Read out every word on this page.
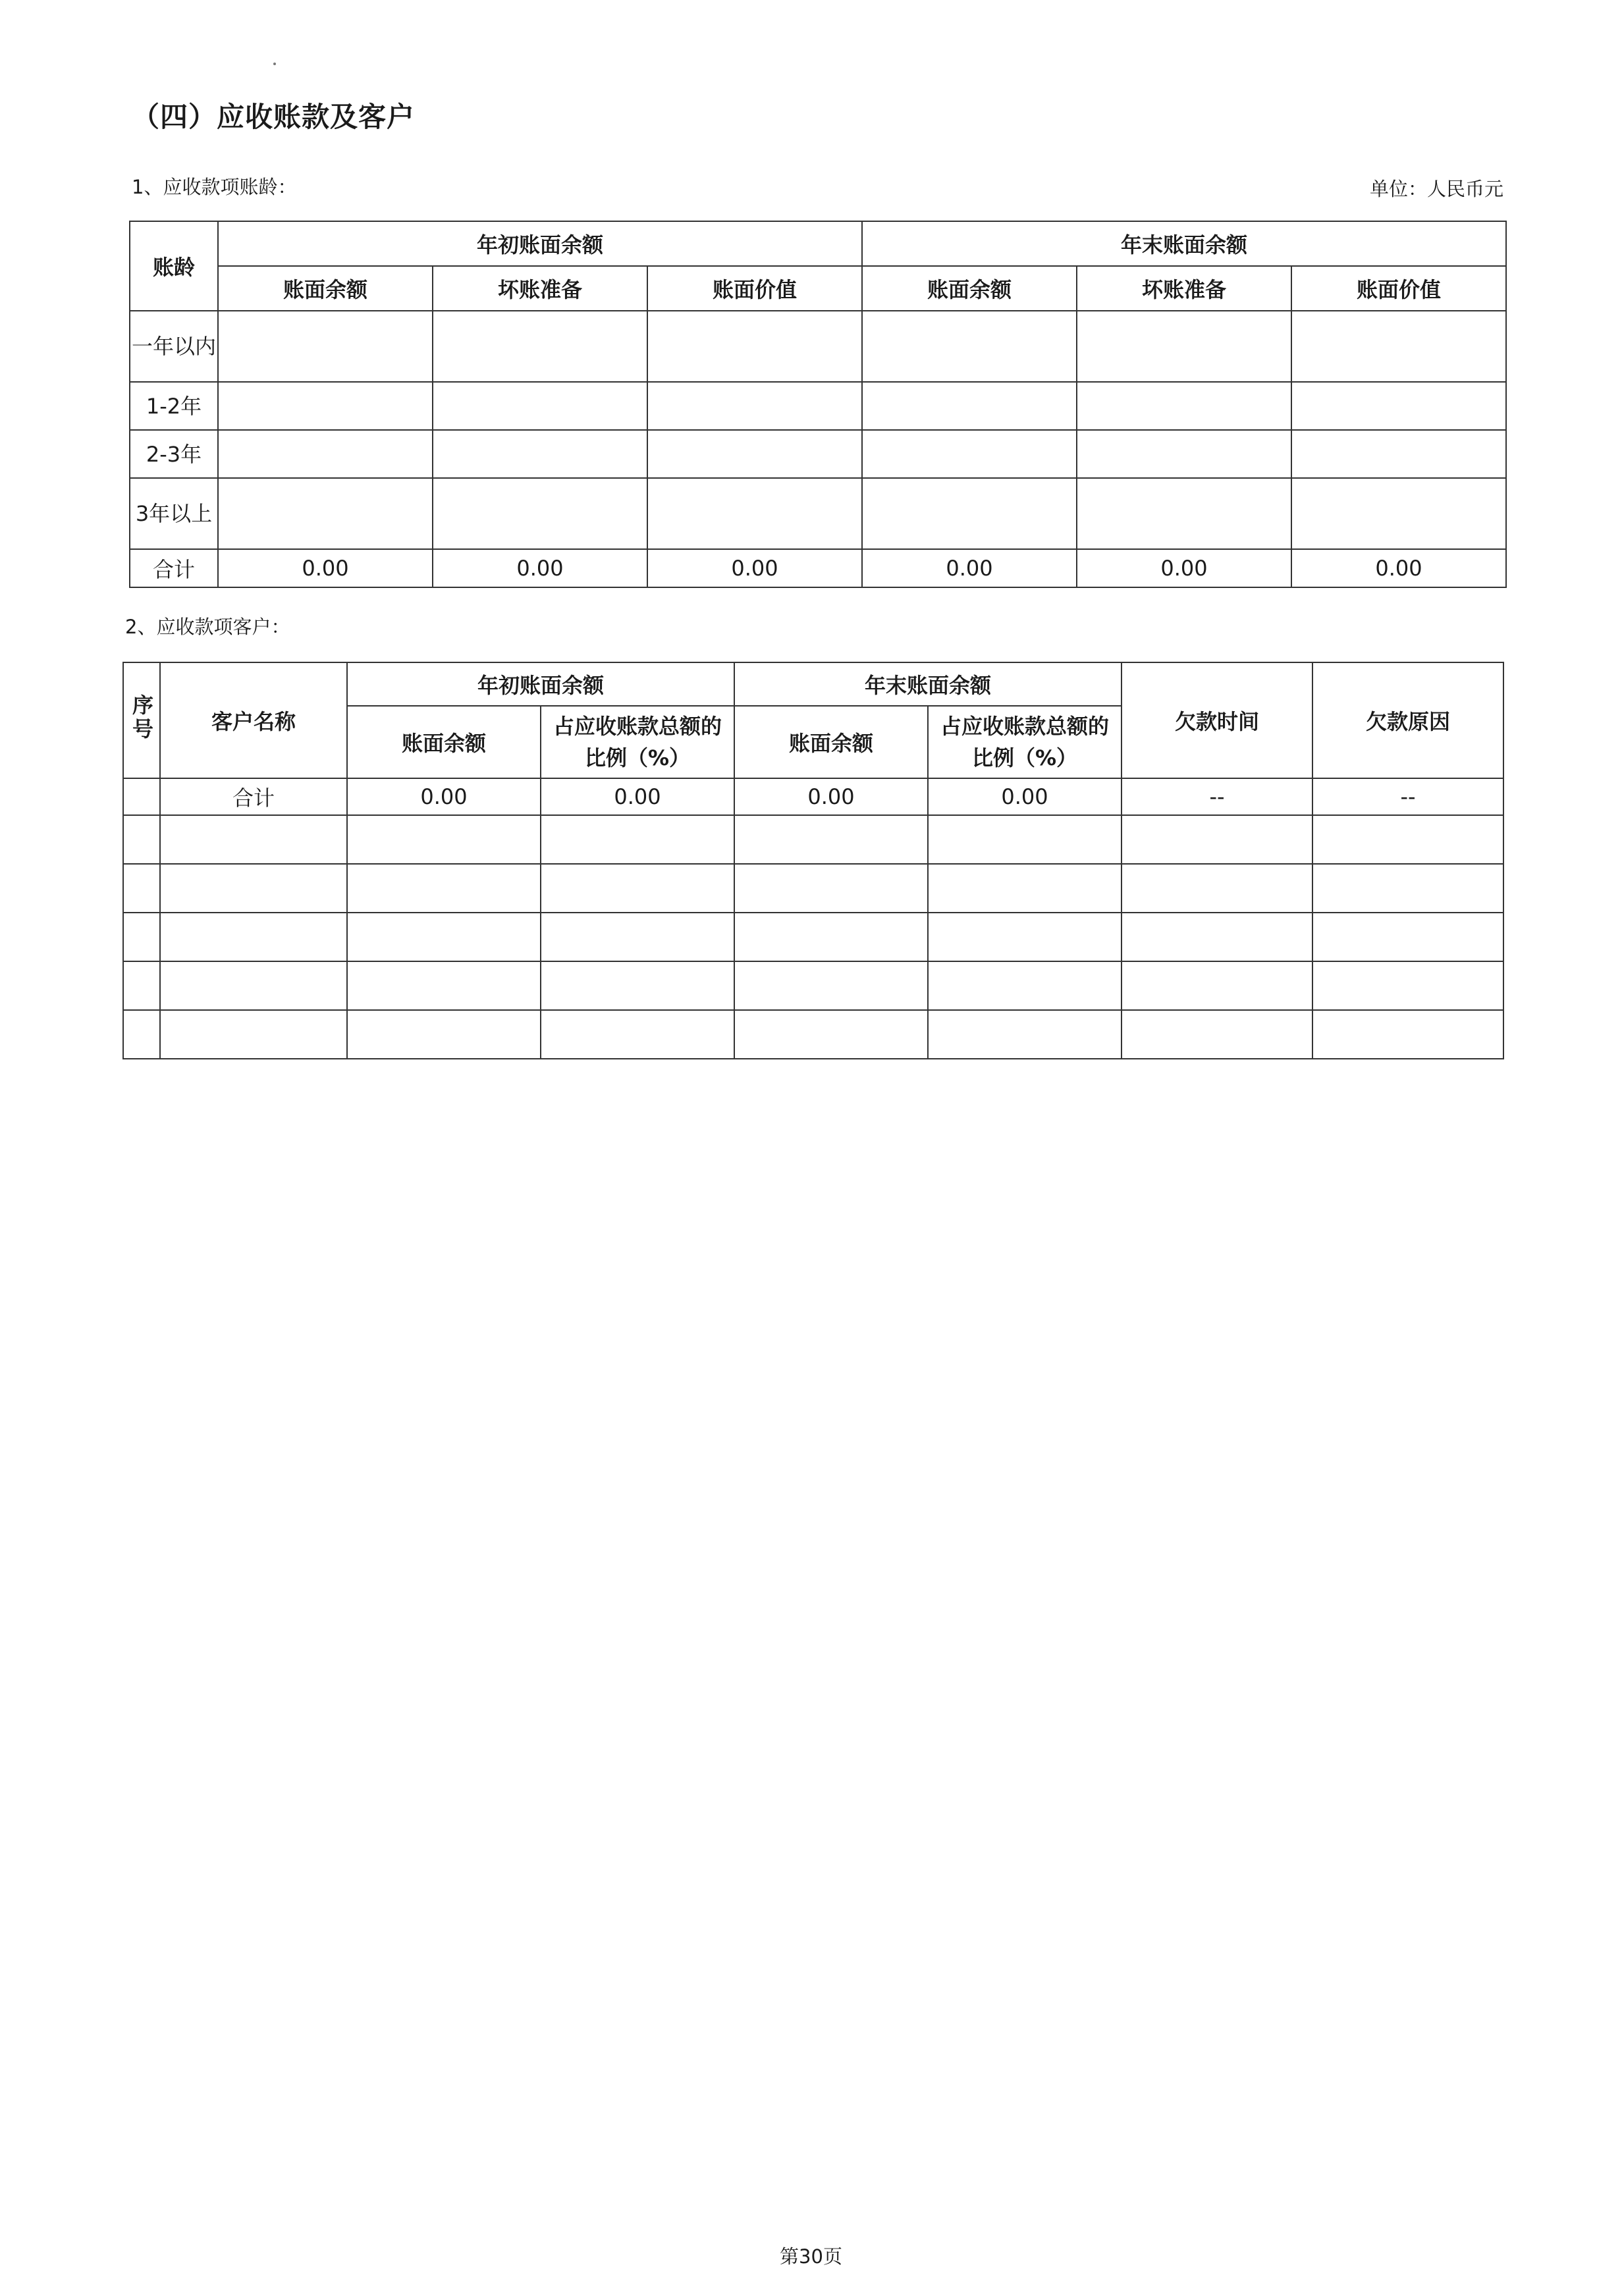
（四）应收账款及客户
1、应收款项账龄：	单位：人民币元
账龄	年初账面余额			年末账面余额		
	账面余额	坏账准备	账面价值	账面余额	坏账准备	账面价值
一年以内						
1-2年						
2-3年						
3年以上						
合计	0.00	0.00	0.00	0.00	0.00	0.00
2、应收款项客户：
序号	客户名称	年初账面余额		年末账面余额		欠款时间	欠款原因
		账面余额	占应收账款总额的比例（%）	账面余额	占应收账款总额的比例（%）		
	合计	0.00	0.00	0.00	0.00	--	--

第30页
